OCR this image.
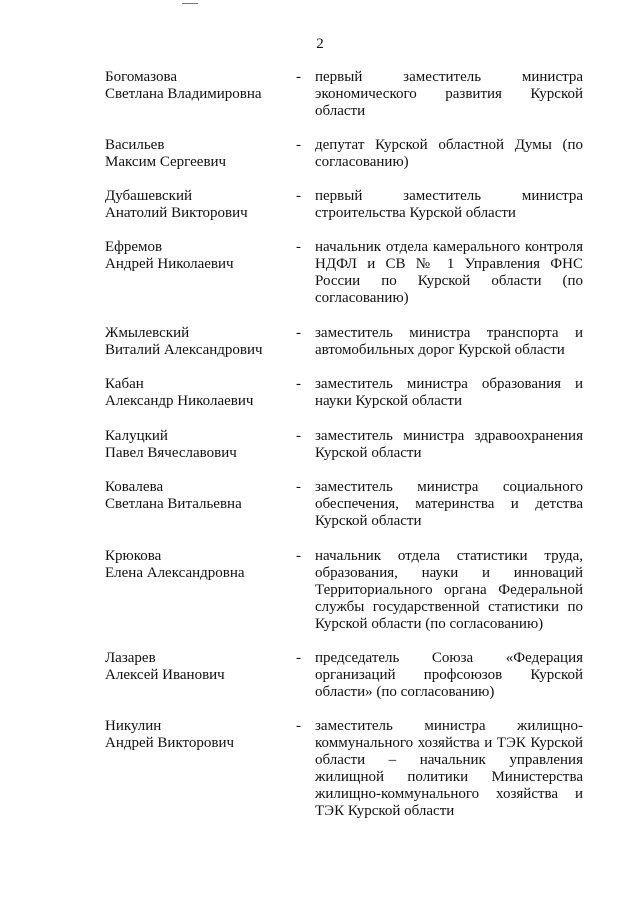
2
Богомазова
Светлана Владимировна
- первый заместитель министра
экономического развития Курской
области
Васильев
Максим Сергеевич
- депутат Курской областной Думы (по
согласованию)
Дубашевский
Анатолий Викторович
- первый заместитель министра
строительства Курской области
Ефремов
Андрей Николаевич
- начальник отдела камерального контроля
НДФЛ и СВ № 1 Управления ФНС
России по Курской области (по
согласованию)
Жмылевский
Виталий Александрович
- заместитель министра транспорта и
автомобильных дорог Курской области
Кабан
Александр Николаевич
- заместитель министра образования и
науки Курской области
Калуцкий
Павел Вячеславович
- заместитель министра здравоохранения
Курской области
Ковалева
Светлана Витальевна
- заместитель министра социального
обеспечения, материнства и детства
Курской области
Крюкова
Елена Александровна
- начальник отдела статистики труда,
образования, науки и инноваций
Территориального органа Федеральной
службы государственной статистики по
Курской области (по согласованию)
Лазарев
Алексей Иванович
- председатель Союза «Федерация
организаций профсоюзов Курской
области» (по согласованию)
Никулин
Андрей Викторович
- заместитель министра жилищно-
коммунального хозяйства и ТЭК Курской
области – начальник управления
жилищной политики Министерства
жилищно-коммунального хозяйства и
ТЭК Курской области
